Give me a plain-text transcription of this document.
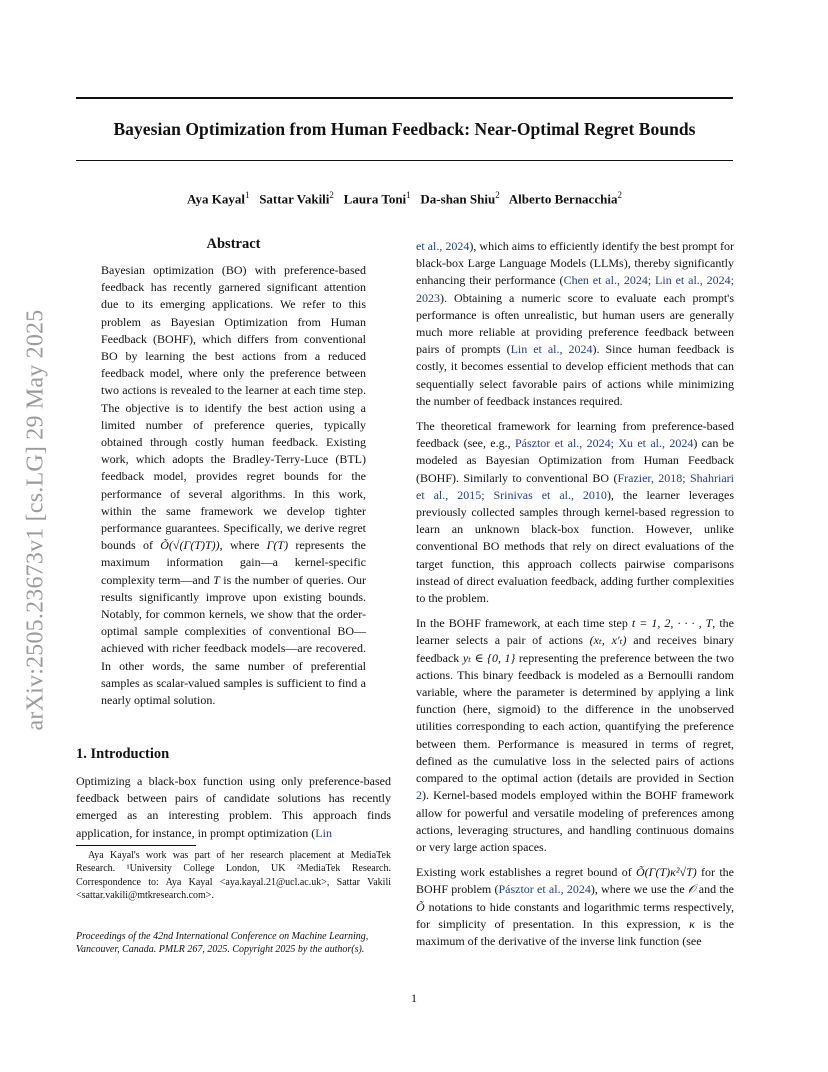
Bayesian Optimization from Human Feedback: Near-Optimal Regret Bounds
Aya Kayal$^1$ Sattar Vakili$^2$ Laura Toni$^1$ Da-shan Shiu$^2$ Alberto Bernacchia$^2$
arXiv:2505.23673v1 [cs.LG] 29 May 2025
Abstract
Bayesian optimization (BO) with preference-based feedback has recently garnered significant attention due to its emerging applications. We refer to this problem as Bayesian Optimization from Human Feedback (BOHF), which differs from conventional BO by learning the best actions from a reduced feedback model, where only the preference between two actions is revealed to the learner at each time step. The objective is to identify the best action using a limited number of preference queries, typically obtained through costly human feedback. Existing work, which adopts the Bradley-Terry-Luce (BTL) feedback model, provides regret bounds for the performance of several algorithms. In this work, within the same framework we develop tighter performance guarantees. Specifically, we derive regret bounds of Õ(√(Γ(T)T)), where Γ(T) represents the maximum information gain—a kernel-specific complexity term—and T is the number of queries. Our results significantly improve upon existing bounds. Notably, for common kernels, we show that the order-optimal sample complexities of conventional BO—achieved with richer feedback models—are recovered. In other words, the same number of preferential samples as scalar-valued samples is sufficient to find a nearly optimal solution.
1. Introduction
Optimizing a black-box function using only preference-based feedback between pairs of candidate solutions has recently emerged as an interesting problem. This approach finds application, for instance, in prompt optimization (Lin

Aya Kayal's work was part of her research placement at MediaTek Research. ¹University College London, UK ²MediaTek Research. Correspondence to: Aya Kayal <aya.kayal.21@ucl.ac.uk>, Sattar Vakili <sattar.vakili@mtkresearch.com>.

Proceedings of the 42nd International Conference on Machine Learning, Vancouver, Canada. PMLR 267, 2025. Copyright 2025 by the author(s).

et al., 2024), which aims to efficiently identify the best prompt for black-box Large Language Models (LLMs), thereby significantly enhancing their performance (Chen et al., 2024; Lin et al., 2024; 2023). Obtaining a numeric score to evaluate each prompt's performance is often unrealistic, but human users are generally much more reliable at providing preference feedback between pairs of prompts (Lin et al., 2024). Since human feedback is costly, it becomes essential to develop efficient methods that can sequentially select favorable pairs of actions while minimizing the number of feedback instances required.

The theoretical framework for learning from preference-based feedback (see, e.g., Pásztor et al., 2024; Xu et al., 2024) can be modeled as Bayesian Optimization from Human Feedback (BOHF). Similarly to conventional BO (Frazier, 2018; Shahriari et al., 2015; Srinivas et al., 2010), the learner leverages previously collected samples through kernel-based regression to learn an unknown black-box function. However, unlike conventional BO methods that rely on direct evaluations of the target function, this approach collects pairwise comparisons instead of direct evaluation feedback, adding further complexities to the problem.

In the BOHF framework, at each time step t = 1, 2, · · · , T, the learner selects a pair of actions (xₜ, x′ₜ) and receives binary feedback yₜ ∈ {0, 1} representing the preference between the two actions. This binary feedback is modeled as a Bernoulli random variable, where the parameter is determined by applying a link function (here, sigmoid) to the difference in the unobserved utilities corresponding to each action, quantifying the preference between them. Performance is measured in terms of regret, defined as the cumulative loss in the selected pairs of actions compared to the optimal action (details are provided in Section 2). Kernel-based models employed within the BOHF framework allow for powerful and versatile modeling of preferences among actions, leveraging structures, and handling continuous domains or very large action spaces.

Existing work establishes a regret bound of Õ(Γ(T)κ²√T) for the BOHF problem (Pásztor et al., 2024), where we use the 𝒪 and the Õ notations to hide constants and logarithmic terms respectively, for simplicity of presentation. In this expression, κ is the maximum of the derivative of the inverse link function (see

1
